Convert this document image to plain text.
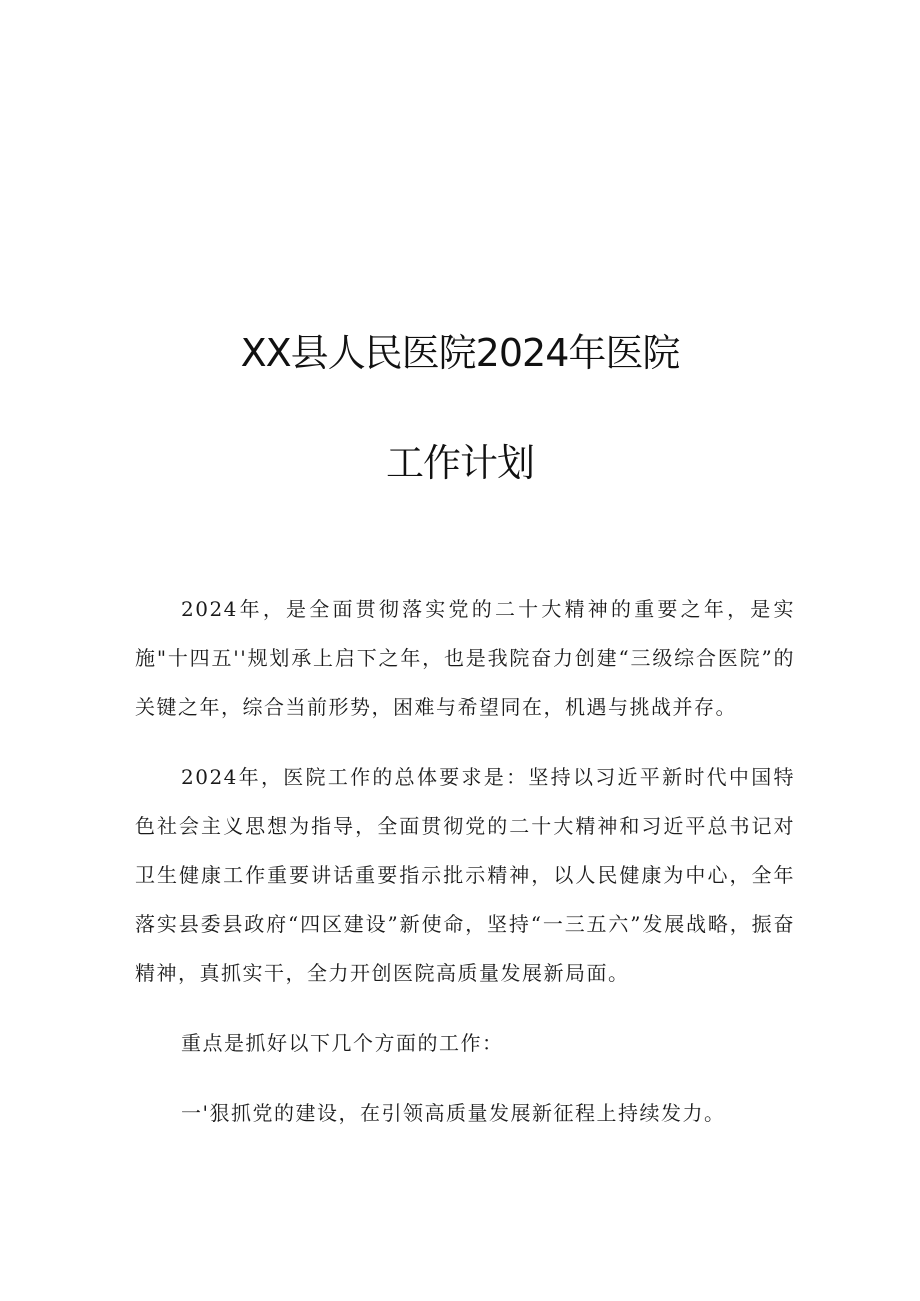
XX县人民医院2024年医院
工作计划

2024年，是全面贯彻落实党的二十大精神的重要之年，是实施"十四五''规划承上启下之年，也是我院奋力创建“三级综合医院”的关键之年，综合当前形势，困难与希望同在，机遇与挑战并存。

2024年，医院工作的总体要求是：坚持以习近平新时代中国特色社会主义思想为指导，全面贯彻党的二十大精神和习近平总书记对卫生健康工作重要讲话重要指示批示精神，以人民健康为中心，全年落实县委县政府“四区建设”新使命，坚持“一三五六”发展战略，振奋精神，真抓实干，全力开创医院高质量发展新局面。

重点是抓好以下几个方面的工作：

一'狠抓党的建设，在引领高质量发展新征程上持续发力。
